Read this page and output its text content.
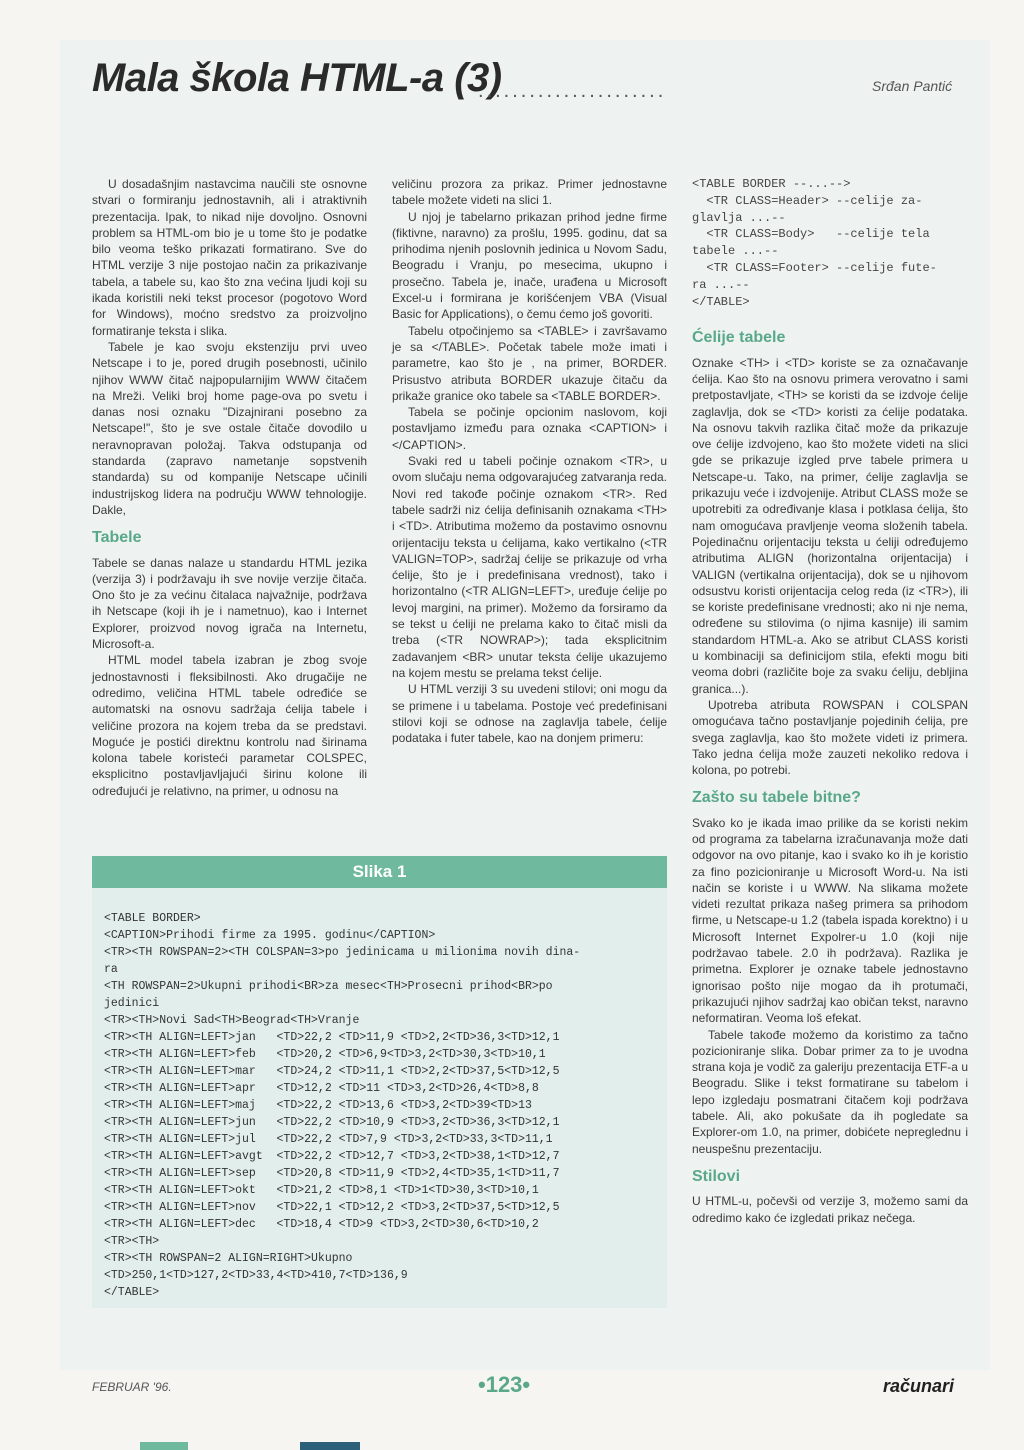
Mala škola HTML-a (3)
......................	Srđan Pantić

U dosadašnjim nastavcima naučili ste osnovne stvari o formiranju jednostavnih, ali i atraktivnih prezentacija. Ipak, to nikad nije dovoljno. Osnovni problem sa HTML-om bio je u tome što je podatke bilo veoma teško prikazati formatirano. Sve do HTML verzije 3 nije postojao način za prikazivanje tabela, a tabele su, kao što zna većina ljudi koji su ikada koristili neki tekst procesor (pogotovo Word for Windows), moćno sredstvo za proizvoljno formatiranje teksta i slika.

Tabele je kao svoju ekstenziju prvi uveo Netscape i to je, pored drugih posebnosti, učinilo njihov WWW čitač najpopularnijim WWW čitačem na Mreži. Veliki broj home page-ova po svetu i danas nosi oznaku "Dizajnirani posebno za Netscape!", što je sve ostale čitače dovodilo u neravnopravan položaj. Takva odstupanja od standarda (zapravo nametanje sopstvenih standarda) su od kompanije Netscape učinili industrijskog lidera na području WWW tehnologije. Dakle,

Tabele

Tabele se danas nalaze u standardu HTML jezika (verzija 3) i podržavaju ih sve novije verzije čitača. Ono što je za većinu čitalaca najvažnije, podržava ih Netscape (koji ih je i nametnuo), kao i Internet Explorer, proizvod novog igrača na Internetu, Microsoft-a.

HTML model tabela izabran je zbog svoje jednostavnosti i fleksibilnosti. Ako drugačije ne odredimo, veličina HTML tabele određiće se automatski na osnovu sadržaja ćelija tabele i veličine prozora na kojem treba da se predstavi. Moguće je postići direktnu kontrolu nad širinama kolona tabele koristeći parametar COLSPEC, eksplicitno postavljavljajući širinu kolone ili određujući je relativno, na primer, u odnosu na

veličinu prozora za prikaz. Primer jednostavne tabele možete videti na slici 1.

U njoj je tabelarno prikazan prihod jedne firme (fiktivne, naravno) za prošlu, 1995. godinu, dat sa prihodima njenih poslovnih jedinica u Novom Sadu, Beogradu i Vranju, po mesecima, ukupno i prosečno. Tabela je, inače, urađena u Microsoft Excel-u i formirana je korišćenjem VBA (Visual Basic for Applications), o čemu ćemo još govoriti.

Tabelu otpočinjemo sa <TABLE> i završavamo je sa </TABLE>. Početak tabele može imati i parametre, kao što je , na primer, BORDER. Prisustvo atributa BORDER ukazuje čitaču da prikaže granice oko tabele sa <TABLE BORDER>.

Tabela se počinje opcionim naslovom, koji postavljamo između para oznaka <CAPTION> i </CAPTION>.

Svaki red u tabeli počinje oznakom <TR>, u ovom slučaju nema odgovarajućeg zatvaranja reda. Novi red takođe počinje oznakom <TR>. Red tabele sadrži niz ćelija definisanih oznakama <TH> i <TD>. Atributima možemo da postavimo osnovnu orijentaciju teksta u ćelijama, kako vertikalno (<TR VALIGN=TOP>, sadržaj ćelije se prikazuje od vrha ćelije, što je i predefinisana vrednost), tako i horizontalno (<TR ALIGN=LEFT>, uređuje ćelije po levoj margini, na primer). Možemo da forsiramo da se tekst u ćeliji ne prelama kako to čitač misli da treba (<TR NOWRAP>); tada eksplicitnim zadavanjem <BR> unutar teksta ćelije ukazujemo na kojem mestu se prelama tekst ćelije.

U HTML verziji 3 su uvedeni stilovi; oni mogu da se primene i u tabelama. Postoje već predefinisani stilovi koji se odnose na zaglavlja tabele, ćelije podataka i futer tabele, kao na donjem primeru:

<TABLE BORDER --...-->
<TR CLASS=Header> --celije za-
glavlja ...--
<TR CLASS=Body>   --celije tela
tabele ...--
<TR CLASS=Footer> --celije fute-
ra ...--
</TABLE>
Ćelije tabele

Oznake <TH> i <TD> koriste se za označavanje ćelija. Kao što na osnovu primera verovatno i sami pretpostavljate, <TH> se koristi da se izdvoje ćelije zaglavlja, dok se <TD> koristi za ćelije podataka. Na osnovu takvih razlika čitač može da prikazuje ove ćelije izdvojeno, kao što možete videti na slici gde se prikazuje izgled prve tabele primera u Netscape-u. Tako, na primer, ćelije zaglavlja se prikazuju veće i izdvojenije. Atribut CLASS može se upotrebiti za određivanje klasa i potklasa ćelija, što nam omogućava pravljenje veoma složenih tabela. Pojedinačnu orijentaciju teksta u ćeliji određujemo atributima ALIGN (horizontalna orijentacija) i VALIGN (vertikalna orijentacija), dok se u njihovom odsustvu koristi orijentacija celog reda (iz <TR>), ili se koriste predefinisane vrednosti; ako ni nje nema, određene su stilovima (o njima kasnije) ili samim standardom HTML-a. Ako se atribut CLASS koristi u kombinaciji sa definicijom stila, efekti mogu biti veoma dobri (različite boje za svaku ćeliju, debljina granica...).

Upotreba atributa ROWSPAN i COLSPAN omogućava tačno postavljanje pojedinih ćelija, pre svega zaglavlja, kao što možete videti iz primera. Tako jedna ćelija može zauzeti nekoliko redova i kolona, po potrebi.

Zašto su tabele bitne?

Svako ko je ikada imao prilike da se koristi nekim od programa za tabelarna izračunavanja može dati odgovor na ovo pitanje, kao i svako ko ih je koristio za fino pozicioniranje u Microsoft Word-u. Na isti način se koriste i u WWW. Na slikama možete videti rezultat prikaza našeg primera sa prihodom firme, u Netscape-u 1.2 (tabela ispada korektno) i u Microsoft Internet Expolrer-u 1.0 (koji nije podržavao tabele. 2.0 ih podržava). Razlika je primetna. Explorer je oznake tabele jednostavno ignorisao pošto nije mogao da ih protumači, prikazujući njihov sadržaj kao običan tekst, naravno neformatiran. Veoma loš efekat.

Tabele takođe možemo da koristimo za tačno pozicioniranje slika. Dobar primer za to je uvodna strana koja je vodič za galeriju prezentacija ETF-a u Beogradu. Slike i tekst formatirane su tabelom i lepo izgledaju posmatrani čitačem koji podržava tabele. Ali, ako pokušate da ih pogledate sa Explorer-om 1.0, na primer, dobićete nepreglednu i neuspešnu prezentaciju.

Stilovi

U HTML-u, počevši od verzije 3, možemo sami da odredimo kako će izgledati prikaz nečega.

Slika 1
<TABLE BORDER>
<CAPTION>Prihodi firme za 1995. godinu</CAPTION>
<TR><TH ROWSPAN=2><TH COLSPAN=3>po jedinicama u milionima novih dina-
ra
<TH ROWSPAN=2>Ukupni prihodi<BR>za mesec<TH>Prosecni prihod<BR>po
jedinici
<TR><TH>Novi Sad<TH>Beograd<TH>Vranje
<TR><TH ALIGN=LEFT>jan   <TD>22,2 <TD>11,9 <TD>2,2<TD>36,3<TD>12,1
<TR><TH ALIGN=LEFT>feb   <TD>20,2 <TD>6,9<TD>3,2<TD>30,3<TD>10,1
<TR><TH ALIGN=LEFT>mar   <TD>24,2 <TD>11,1 <TD>2,2<TD>37,5<TD>12,5
<TR><TH ALIGN=LEFT>apr   <TD>12,2 <TD>11 <TD>3,2<TD>26,4<TD>8,8
<TR><TH ALIGN=LEFT>maj   <TD>22,2 <TD>13,6 <TD>3,2<TD>39<TD>13
<TR><TH ALIGN=LEFT>jun   <TD>22,2 <TD>10,9 <TD>3,2<TD>36,3<TD>12,1
<TR><TH ALIGN=LEFT>jul   <TD>22,2 <TD>7,9 <TD>3,2<TD>33,3<TD>11,1
<TR><TH ALIGN=LEFT>avgt  <TD>22,2 <TD>12,7 <TD>3,2<TD>38,1<TD>12,7
<TR><TH ALIGN=LEFT>sep   <TD>20,8 <TD>11,9 <TD>2,4<TD>35,1<TD>11,7
<TR><TH ALIGN=LEFT>okt   <TD>21,2 <TD>8,1 <TD>1<TD>30,3<TD>10,1
<TR><TH ALIGN=LEFT>nov   <TD>22,1 <TD>12,2 <TD>3,2<TD>37,5<TD>12,5
<TR><TH ALIGN=LEFT>dec   <TD>18,4 <TD>9 <TD>3,2<TD>30,6<TD>10,2
<TR><TH>
<TR><TH ROWSPAN=2 ALIGN=RIGHT>Ukupno
<TD>250,1<TD>127,2<TD>33,4<TD>410,7<TD>136,9
</TABLE>
FEBRUAR '96.	•123•	računari
